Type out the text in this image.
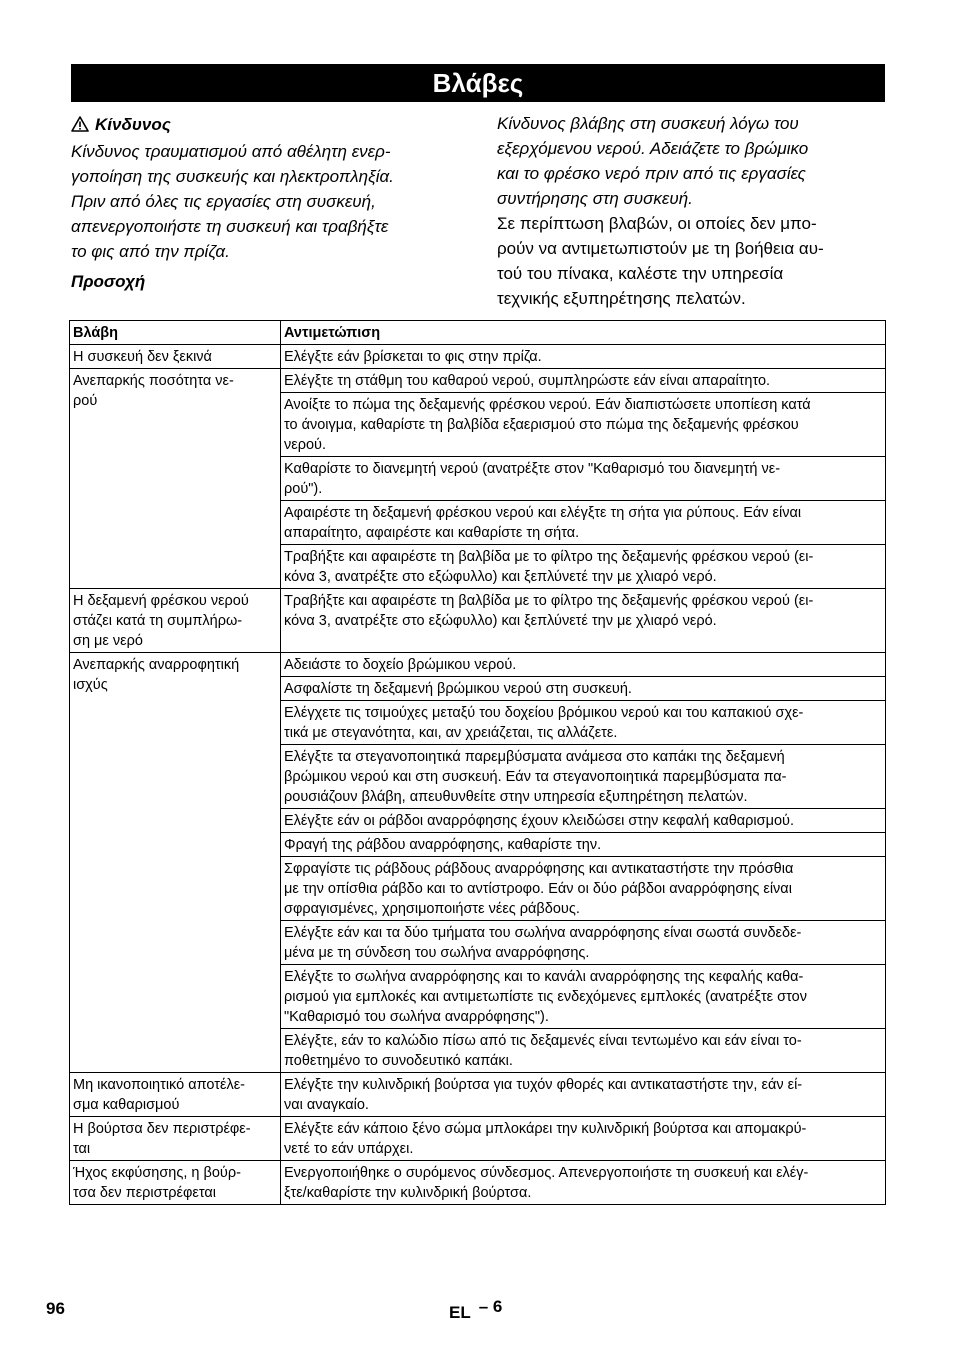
Βλάβες
Κίνδυνος
Κίνδυνος τραυματισμού από αθέλητη ενερ-
γοποίηση της συσκευής και ηλεκτροπληξία.
Πριν από όλες τις εργασίες στη συσκευή,
απενεργοποιήστε τη συσκευή και τραβήξτε
το φις από την πρίζα.
Προσοχή
Κίνδυνος βλάβης στη συσκευή λόγω του
εξερχόμενου νερού. Αδειάζετε το βρώμικο
και το φρέσκο νερό πριν από τις εργασίες
συντήρησης στη συσκευή.
Σε περίπτωση βλαβών, οι οποίες δεν μπο-
ρούν να αντιμετωπιστούν με τη βοήθεια αυ-
τού του πίνακα, καλέστε την υπηρεσία
τεχνικής εξυπηρέτησης πελατών.
Βλάβη	Αντιμετώπιση
Η συσκευή δεν ξεκινά	Ελέγξτε εάν βρίσκεται το φις στην πρίζα.
Ανεπαρκής ποσότητα νε-
ρού	Ελέγξτε τη στάθμη του καθαρού νερού, συμπληρώστε εάν είναι απαραίτητο.
	Ανοίξτε το πώμα της δεξαμενής φρέσκου νερού. Εάν διαπιστώσετε υποπίεση κατά
το άνοιγμα, καθαρίστε τη βαλβίδα εξαερισμού στο πώμα της δεξαμενής φρέσκου
νερού.
	Καθαρίστε το διανεμητή νερού (ανατρέξτε στον "Καθαρισμό του διανεμητή νε-
ρού").
	Αφαιρέστε τη δεξαμενή φρέσκου νερού και ελέγξτε τη σήτα για ρύπους. Εάν είναι
απαραίτητο, αφαιρέστε και καθαρίστε τη σήτα.
	Τραβήξτε και αφαιρέστε τη βαλβίδα με το φίλτρο της δεξαμενής φρέσκου νερού (ει-
κόνα 3, ανατρέξτε στο εξώφυλλο) και ξεπλύνετέ την με χλιαρό νερό.
Η δεξαμενή φρέσκου νερού
στάζει κατά τη συμπλήρω-
ση με νερό	Τραβήξτε και αφαιρέστε τη βαλβίδα με το φίλτρο της δεξαμενής φρέσκου νερού (ει-
κόνα 3, ανατρέξτε στο εξώφυλλο) και ξεπλύνετέ την με χλιαρό νερό.
Ανεπαρκής αναρροφητική
ισχύς	Αδειάστε το δοχείο βρώμικου νερού.
	Ασφαλίστε τη δεξαμενή βρώμικου νερού στη συσκευή.
	Ελέγχετε τις τσιμούχες μεταξύ του δοχείου βρόμικου νερού και του καπακιού σχε-
τικά με στεγανότητα, και, αν χρειάζεται, τις αλλάζετε.
	Ελέγξτε τα στεγανοποιητικά παρεμβύσματα ανάμεσα στο καπάκι της δεξαμενή
βρώμικου νερού και στη συσκευή. Εάν τα στεγανοποιητικά παρεμβύσματα πα-
ρουσιάζουν βλάβη, απευθυνθείτε στην υπηρεσία εξυπηρέτηση πελατών.
	Ελέγξτε εάν οι ράβδοι αναρρόφησης έχουν κλειδώσει στην κεφαλή καθαρισμού.
	Φραγή της ράβδου αναρρόφησης, καθαρίστε την.
	Σφραγίστε τις ράβδους ράβδους αναρρόφησης και αντικαταστήστε την πρόσθια
με την οπίσθια ράβδο και το αντίστροφο. Εάν οι δύο ράβδοι αναρρόφησης είναι
σφραγισμένες, χρησιμοποιήστε νέες ράβδους.
	Ελέγξτε εάν και τα δύο τμήματα του σωλήνα αναρρόφησης είναι σωστά συνδεδε-
μένα με τη σύνδεση του σωλήνα αναρρόφησης.
	Ελέγξτε το σωλήνα αναρρόφησης και το κανάλι αναρρόφησης της κεφαλής καθα-
ρισμού για εμπλοκές και αντιμετωπίστε τις ενδεχόμενες εμπλοκές (ανατρέξτε στον
"Καθαρισμό του σωλήνα αναρρόφησης").
	Ελέγξτε, εάν το καλώδιο πίσω από τις δεξαμενές είναι τεντωμένο και εάν είναι το-
ποθετημένο το συνοδευτικό καπάκι.
Μη ικανοποιητικό αποτέλε-
σμα καθαρισμού	Ελέγξτε την κυλινδρική βούρτσα για τυχόν φθορές και αντικαταστήστε την, εάν εί-
ναι αναγκαίο.
Η βούρτσα δεν περιστρέφε-
ται	Ελέγξτε εάν κάποιο ξένο σώμα μπλοκάρει την κυλινδρική βούρτσα και απομακρύ-
νετέ το εάν υπάρχει.
Ήχος εκφύσησης, η βούρ-
τσα δεν περιστρέφεται	Ενεργοποιήθηκε ο συρόμενος σύνδεσμος. Απενεργοποιήστε τη συσκευή και ελέγ-
ξτε/καθαρίστε την κυλινδρική βούρτσα.
96	EL – 6
